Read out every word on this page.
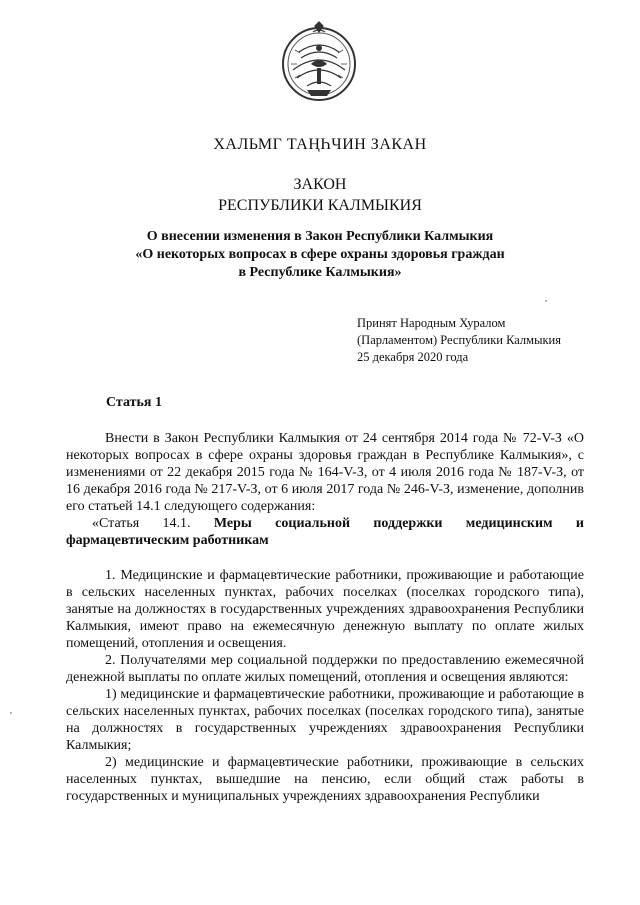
ХАЛЬМГ ТАҢҺЧИН ЗАКАН
ЗАКОН
РЕСПУБЛИКИ КАЛМЫКИЯ
О внесении изменения в Закон Республики Калмыкия
«О некоторых вопросах в сфере охраны здоровья граждан
в Республике Калмыкия»
Принят Народным Хуралом
(Парламентом) Республики Калмыкия
25 декабря 2020 года
Статья 1

Внести в Закон Республики Калмыкия от 24 сентября 2014 года № 72-V-З «О некоторых вопросах в сфере охраны здоровья граждан в Республике Калмыкия», с изменениями от 22 декабря 2015 года № 164-V-З, от 4 июля 2016 года № 187-V-З, от 16 декабря 2016 года № 217-V-З, от 6 июля 2017 года № 246-V-З, изменение, дополнив его статьей 14.1 следующего содержания:

«Статья 14.1. Меры социальной поддержки медицинским и фармацевтическим работникам

1. Медицинские и фармацевтические работники, проживающие и работающие в сельских населенных пунктах, рабочих поселках (поселках городского типа), занятые на должностях в государственных учреждениях здравоохранения Республики Калмыкия, имеют право на ежемесячную денежную выплату по оплате жилых помещений, отопления и освещения.

2. Получателями мер социальной поддержки по предоставлению ежемесячной денежной выплаты по оплате жилых помещений, отопления и освещения являются:

1) медицинские и фармацевтические работники, проживающие и работающие в сельских населенных пунктах, рабочих поселках (поселках городского типа), занятые на должностях в государственных учреждениях здравоохранения Республики Калмыкия;

2) медицинские и фармацевтические работники, проживающие в сельских населенных пунктах, вышедшие на пенсию, если общий стаж работы в государственных и муниципальных учреждениях здравоохранения Республики
